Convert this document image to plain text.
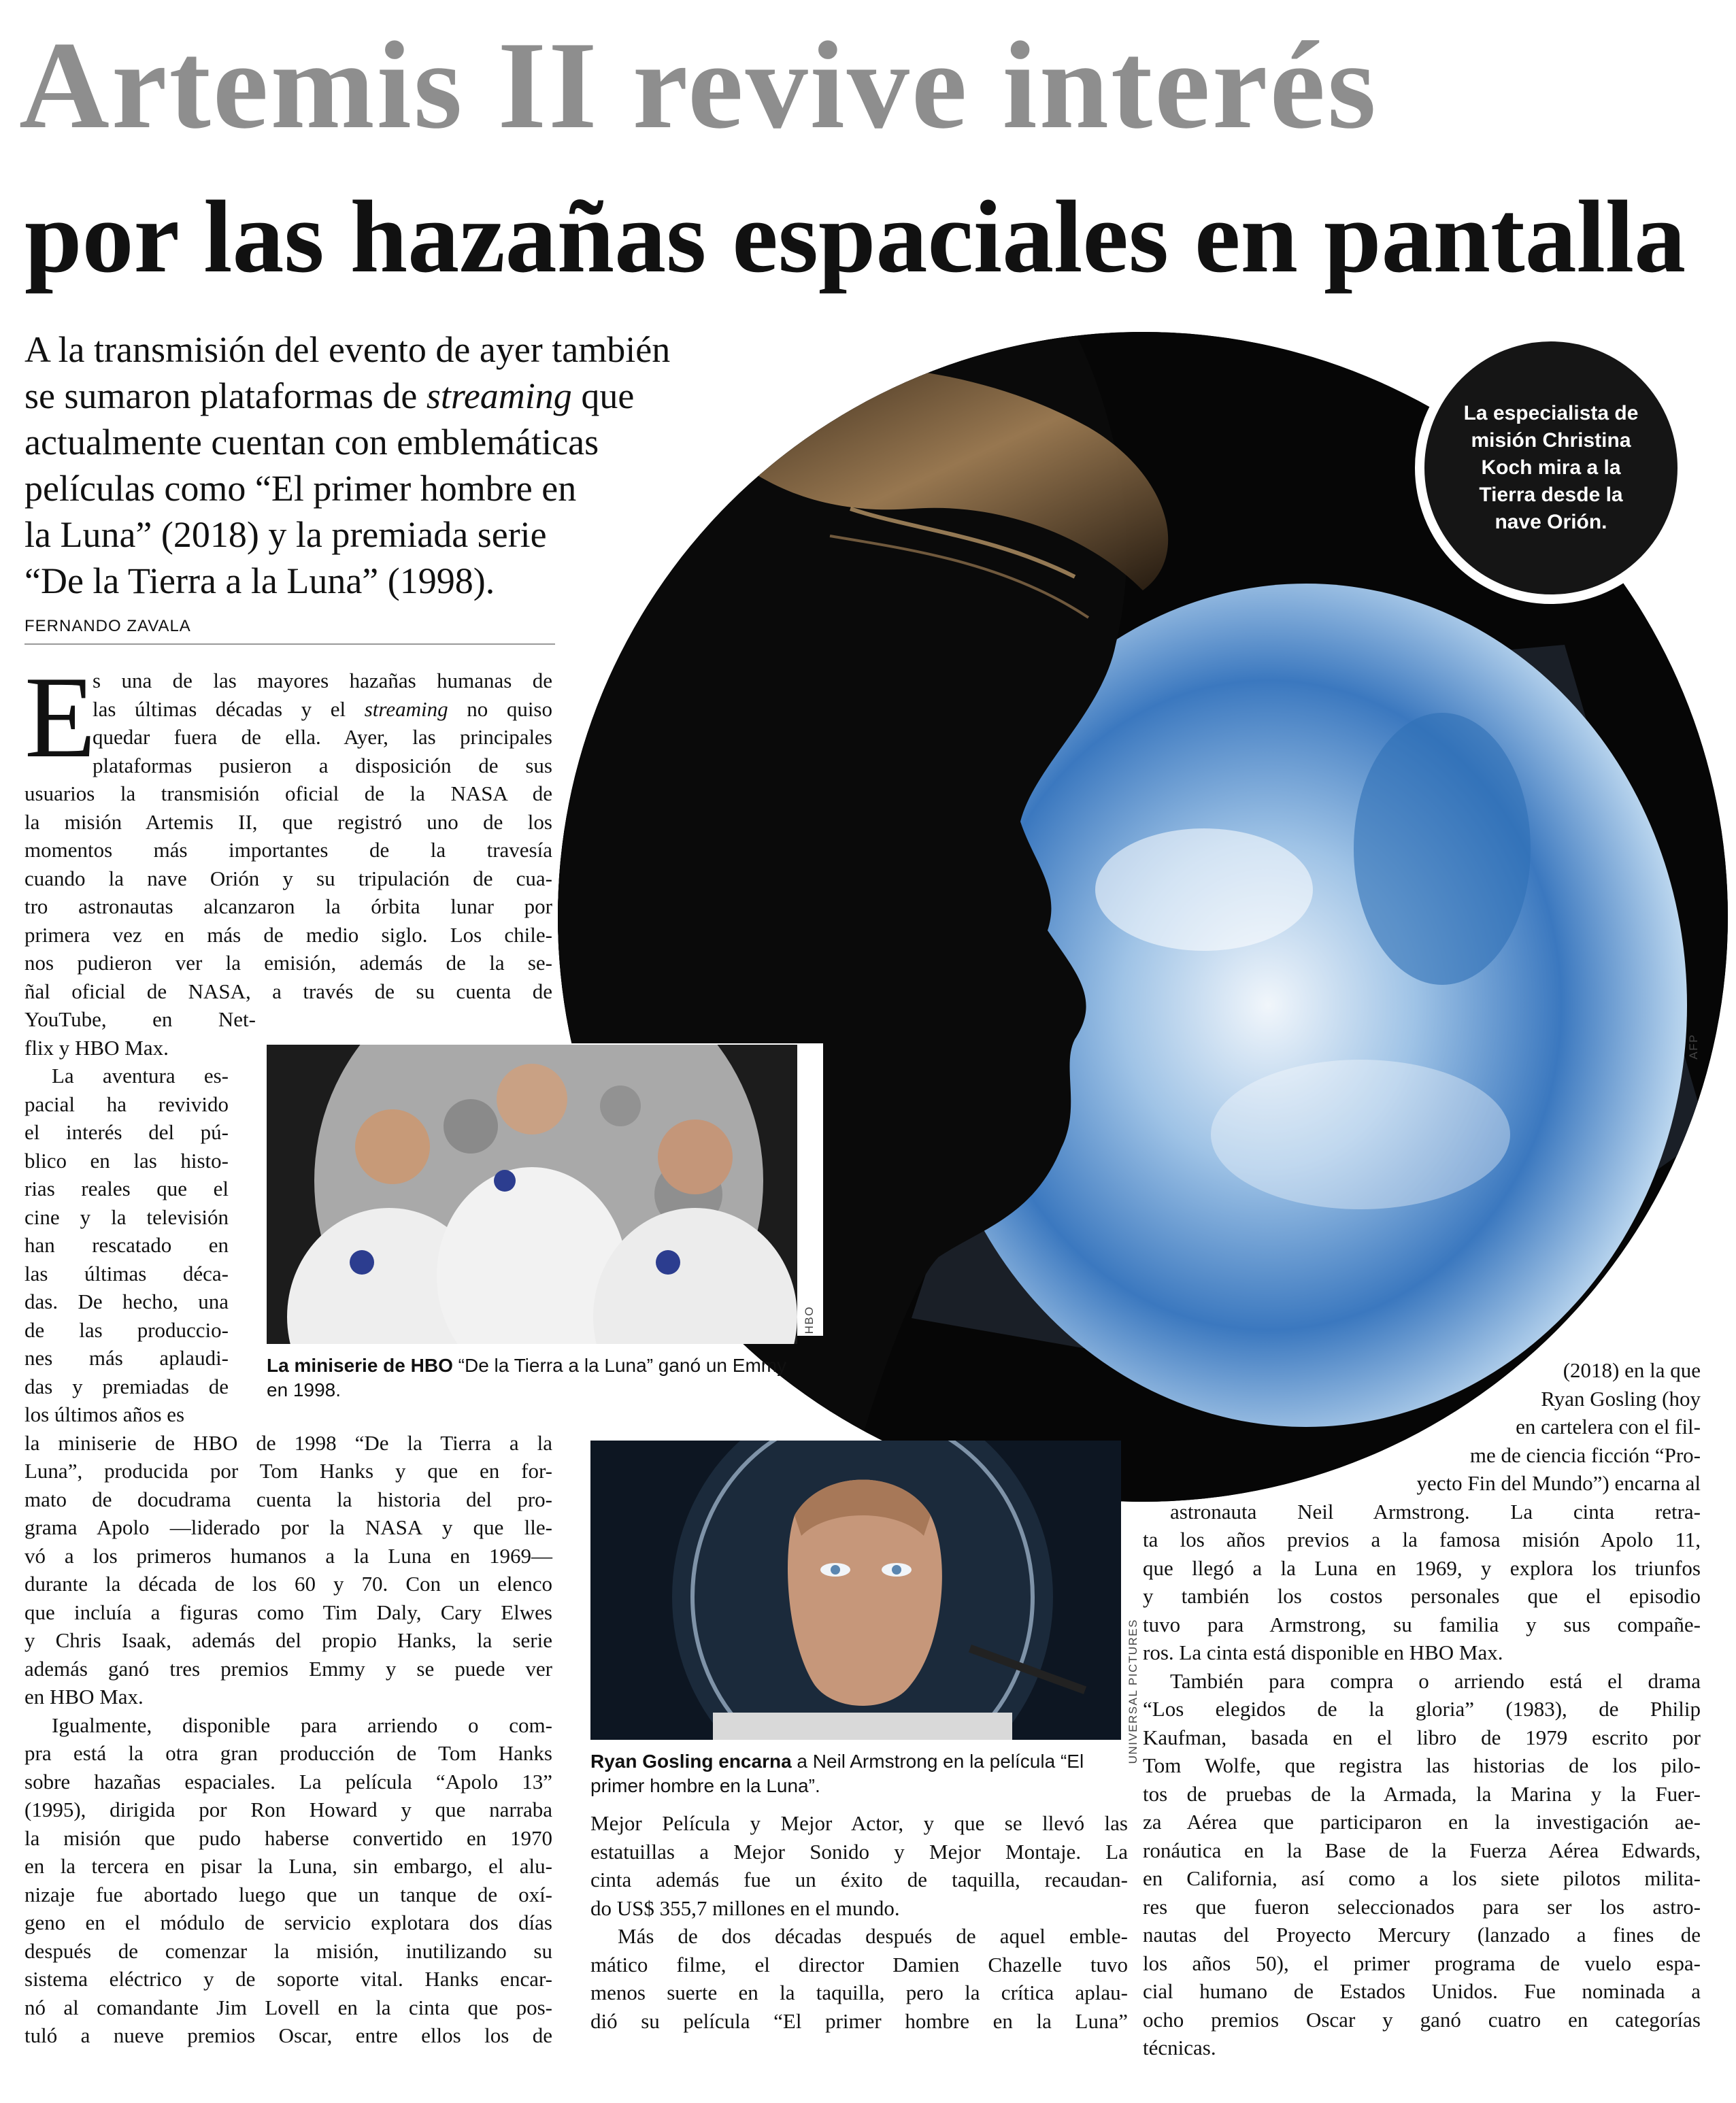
Artemis II revive interés
por las hazañas espaciales en pantalla
AFP
La especialista de misión Christina Koch mira a la Tierra desde la nave Orión.

A la transmisión del evento de ayer también

se sumaron plataformas de streaming que

actualmente cuentan con emblemáticas

películas como “El primer hombre en

la Luna” (2018) y la premiada serie

“De la Tierra a la Luna” (1998).

FERNANDO ZAVALA
E

s una de las mayores hazañas humanas de

las últimas décadas y el streaming no quiso

quedar fuera de ella. Ayer, las principales

plataformas pusieron a disposición de sus

usuarios la transmisión oficial de la NASA de

la misión Artemis II, que registró uno de los

momentos más importantes de la travesía

cuando la nave Orión y su tripulación de cua-

tro astronautas alcanzaron la órbita lunar por

primera vez en más de medio siglo. Los chile-

nos pudieron ver la emisión, además de la se-

ñal oficial de NASA, a través de su cuenta de

YouTube, en Net-

flix y HBO Max.

La aventura es-

pacial ha revivido

el interés del pú-

blico en las histo-

rias reales que el

cine y la televisión

han rescatado en

las últimas déca-

das. De hecho, una

de las produccio-

nes más aplaudi-

das y premiadas de

los últimos años es

la miniserie de HBO de 1998 “De la Tierra a la

Luna”, producida por Tom Hanks y que en for-

mato de docudrama cuenta la historia del pro-

grama Apolo —liderado por la NASA y que lle-

vó a los primeros humanos a la Luna en 1969—

durante la década de los 60 y 70. Con un elenco

que incluía a figuras como Tim Daly, Cary Elwes

y Chris Isaak, además del propio Hanks, la serie

además ganó tres premios Emmy y se puede ver

en HBO Max.

Igualmente, disponible para arriendo o com-

pra está la otra gran producción de Tom Hanks

sobre hazañas espaciales. La película “Apolo 13”

(1995), dirigida por Ron Howard y que narraba

la misión que pudo haberse convertido en 1970

en la tercera en pisar la Luna, sin embargo, el alu-

nizaje fue abortado luego que un tanque de oxí-

geno en el módulo de servicio explotara dos días

después de comenzar la misión, inutilizando su

sistema eléctrico y de soporte vital. Hanks encar-

nó al comandante Jim Lovell en la cinta que pos-

tuló a nueve premios Oscar, entre ellos los de

HBO
La miniserie de HBO “De la Tierra a la Luna” ganó un Emmy en 1998.
UNIVERSAL PICTURES
Ryan Gosling encarna a Neil Armstrong en la película “El primer hombre en la Luna”.

Mejor Película y Mejor Actor, y que se llevó las

estatuillas a Mejor Sonido y Mejor Montaje. La

cinta además fue un éxito de taquilla, recaudan-

do US$ 355,7 millones en el mundo.

Más de dos décadas después de aquel emble-

mático filme, el director Damien Chazelle tuvo

menos suerte en la taquilla, pero la crítica aplau-

dió su película “El primer hombre en la Luna”

(2018) en la que

Ryan Gosling (hoy

en cartelera con el fil-

me de ciencia ficción “Pro-

yecto Fin del Mundo”) encarna al

astronauta Neil Armstrong. La cinta retra-

ta los años previos a la famosa misión Apolo 11,

que llegó a la Luna en 1969, y explora los triunfos

y también los costos personales que el episodio

tuvo para Armstrong, su familia y sus compañe-

ros. La cinta está disponible en HBO Max.

También para compra o arriendo está el drama

“Los elegidos de la gloria” (1983), de Philip

Kaufman, basada en el libro de 1979 escrito por

Tom Wolfe, que registra las historias de los pilo-

tos de pruebas de la Armada, la Marina y la Fuer-

za Aérea que participaron en la investigación ae-

ronáutica en la Base de la Fuerza Aérea Edwards,

en California, así como a los siete pilotos milita-

res que fueron seleccionados para ser los astro-

nautas del Proyecto Mercury (lanzado a fines de

los años 50), el primer programa de vuelo espa-

cial humano de Estados Unidos. Fue nominada a

ocho premios Oscar y ganó cuatro en categorías

técnicas.
